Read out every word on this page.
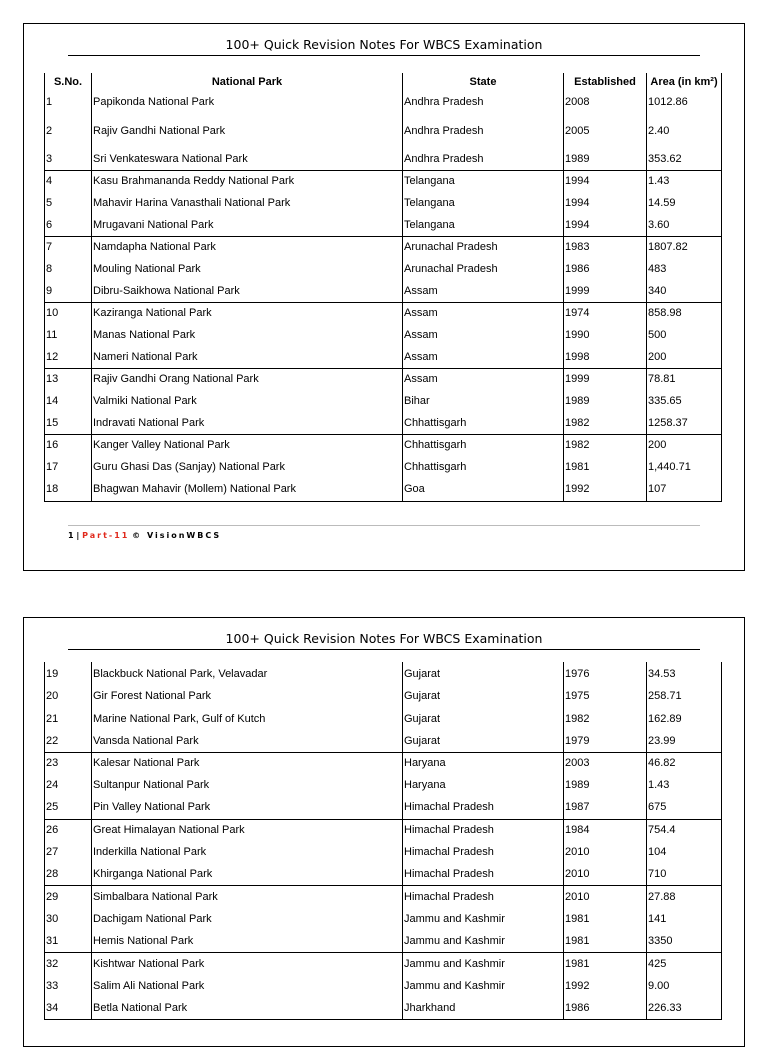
100+ Quick Revision Notes For WBCS Examination
S.No.	National Park	State	Established	Area (in km²)
1	Papikonda National Park	Andhra Pradesh	2008	1012.86
2	Rajiv Gandhi National Park	Andhra Pradesh	2005	2.40
3	Sri Venkateswara National Park	Andhra Pradesh	1989	353.62
4	Kasu Brahmananda Reddy National Park	Telangana	1994	1.43
5	Mahavir Harina Vanasthali National Park	Telangana	1994	14.59
6	Mrugavani National Park	Telangana	1994	3.60
7	Namdapha National Park	Arunachal Pradesh	1983	1807.82
8	Mouling National Park	Arunachal Pradesh	1986	483
9	Dibru-Saikhowa National Park	Assam	1999	340
10	Kaziranga National Park	Assam	1974	858.98
11	Manas National Park	Assam	1990	500
12	Nameri National Park	Assam	1998	200
13	Rajiv Gandhi Orang National Park	Assam	1999	78.81
14	Valmiki National Park	Bihar	1989	335.65
15	Indravati National Park	Chhattisgarh	1982	1258.37
16	Kanger Valley National Park	Chhattisgarh	1982	200
17	Guru Ghasi Das (Sanjay) National Park	Chhattisgarh	1981	1,440.71
18	Bhagwan Mahavir (Mollem) National Park	Goa	1992	107
1 | Part-11 © VisionWBCS
100+ Quick Revision Notes For WBCS Examination
19	Blackbuck National Park, Velavadar	Gujarat	1976	34.53
20	Gir Forest National Park	Gujarat	1975	258.71
21	Marine National Park, Gulf of Kutch	Gujarat	1982	162.89
22	Vansda National Park	Gujarat	1979	23.99
23	Kalesar National Park	Haryana	2003	46.82
24	Sultanpur National Park	Haryana	1989	1.43
25	Pin Valley National Park	Himachal Pradesh	1987	675
26	Great Himalayan National Park	Himachal Pradesh	1984	754.4
27	Inderkilla National Park	Himachal Pradesh	2010	104
28	Khirganga National Park	Himachal Pradesh	2010	710
29	Simbalbara National Park	Himachal Pradesh	2010	27.88
30	Dachigam National Park	Jammu and Kashmir	1981	141
31	Hemis National Park	Jammu and Kashmir	1981	3350
32	Kishtwar National Park	Jammu and Kashmir	1981	425
33	Salim Ali National Park	Jammu and Kashmir	1992	9.00
34	Betla National Park	Jharkhand	1986	226.33
